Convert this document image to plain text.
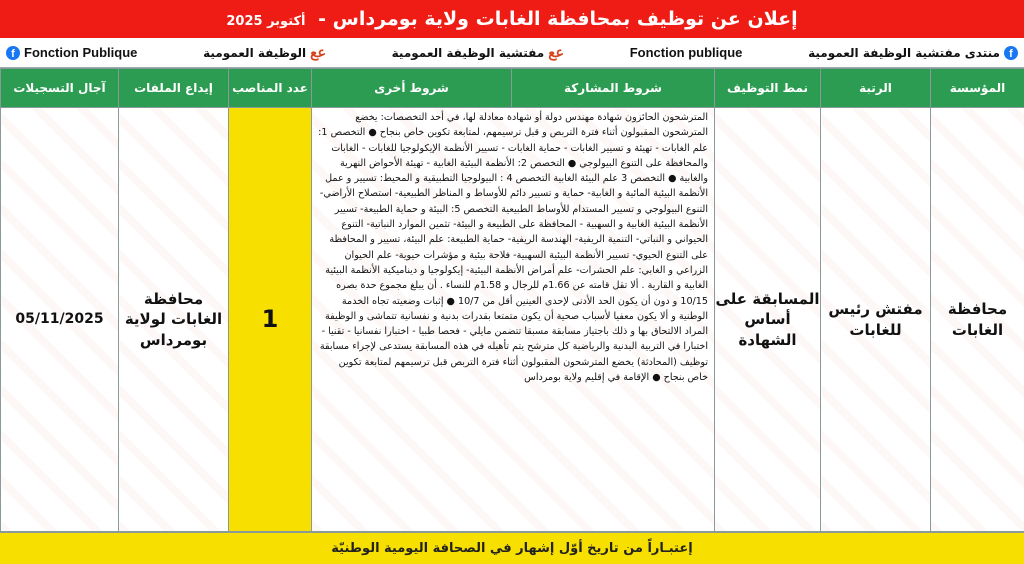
إعلان عن توظيف بمحافظة الغابات ولاية بومرداس - أكتوبر 2025
f
منتدى مفتشية الوظيفة العمومية
Fonction publique
عع
مفتشية الوظيفة العمومية
عع
الوظيفة العمومية
Fonction Publique
f
المؤسسة	الرتبة	نمط التوظيف	شروط المشاركة	شروط أخرى	عدد المناصب	إيداع الملفات	آجال التسجيلات
محافظة الغابات	مفتش رئيس للغابات	المسابقة على أساس الشهادة	المترشحون الحائزون شهادة مهندس دولة أو شهادة معادلة لها، في أحد التخصصات: يخضع المترشحون المقبولون أثناء فترة التربص و قبل ترسيمهم، لمتابعة تكوين خاص بنجاح ● التخصص 1: علم الغابات - تهيئة و تسيير الغابات - حماية الغابات - تسيير الأنظمة الإيكولوجيا للغابات - الغابات والمحافظة على التنوع البيولوجي ● التخصص 2: الأنظمة البيئية الغابية - تهيئة الأحواض النهرية والغابية ● التخصص 3 علم البيئة الغابية التخصص 4 : البيولوجيا التطبيقية و المحيط: تسيير و عمل الأنظمة البيئية المائية و الغابية- حماية و تسيير دائم للأوساط و المناظر الطبيعية- استصلاح الأراضي- التنوع البيولوجي و تسيير المستدام للأوساط الطبيعية التخصص 5: البيئة و حماية الطبيعة- تسيير الأنظمة البيئية الغابية و السهبية - المحافظة على الطبيعة و البيئة- تثمين الموارد النباتية- التنوع الحيواني و النباتي- التنمية الريفية- الهندسة الريفية- حماية الطبيعة: علم البيئة، تسيير و المحافظة على التنوع الحيوي- تسيير الأنظمة البيئية السهبية- فلاحة بيئية و مؤشرات حيوية- علم الحيوان الزراعي و الغابي: علم الحشرات- علم أمراض الأنظمة البيئية- إيكولوجيا و ديناميكية الأنظمة البيئية الغابية و القارية . ألا تقل قامته عن 1.66م للرجال و 1.58م للنساء . أن يبلغ مجموع حدة بصره 10/15 و دون أن يكون الحد الأدنى لإحدى العينين أقل من 10/7 ● إثبات وضعيته تجاه الخدمة الوطنية و ألا يكون معفيا لأسباب صحية أن يكون متمتعا بقدرات بدنية و نفسانية تتماشى و الوظيفة المراد الالتحاق بها و ذلك باجتياز مسابقة مسبقا تتضمن مايلي - فحصا طبيا - اختبارا نفسانيا - تقنيا - اختبارا في التربية البدنية والرياضية كل مترشح يتم تأهيله في هذه المسابقة يستدعى لإجراء مسابقة توظيف (المحادثة) يخضع المترشحون المقبولون أثناء فترة التربص قبل ترسيمهم لمتابعة تكوين خاص بنجاح ● الإقامة في إقليم ولاية بومرداس		1	محافظة الغابات لولاية بومرداس	05/11/2025
إعتبـاراً من تاريخ أوّل إشهار في الصحافة اليومية الوطنيّة
